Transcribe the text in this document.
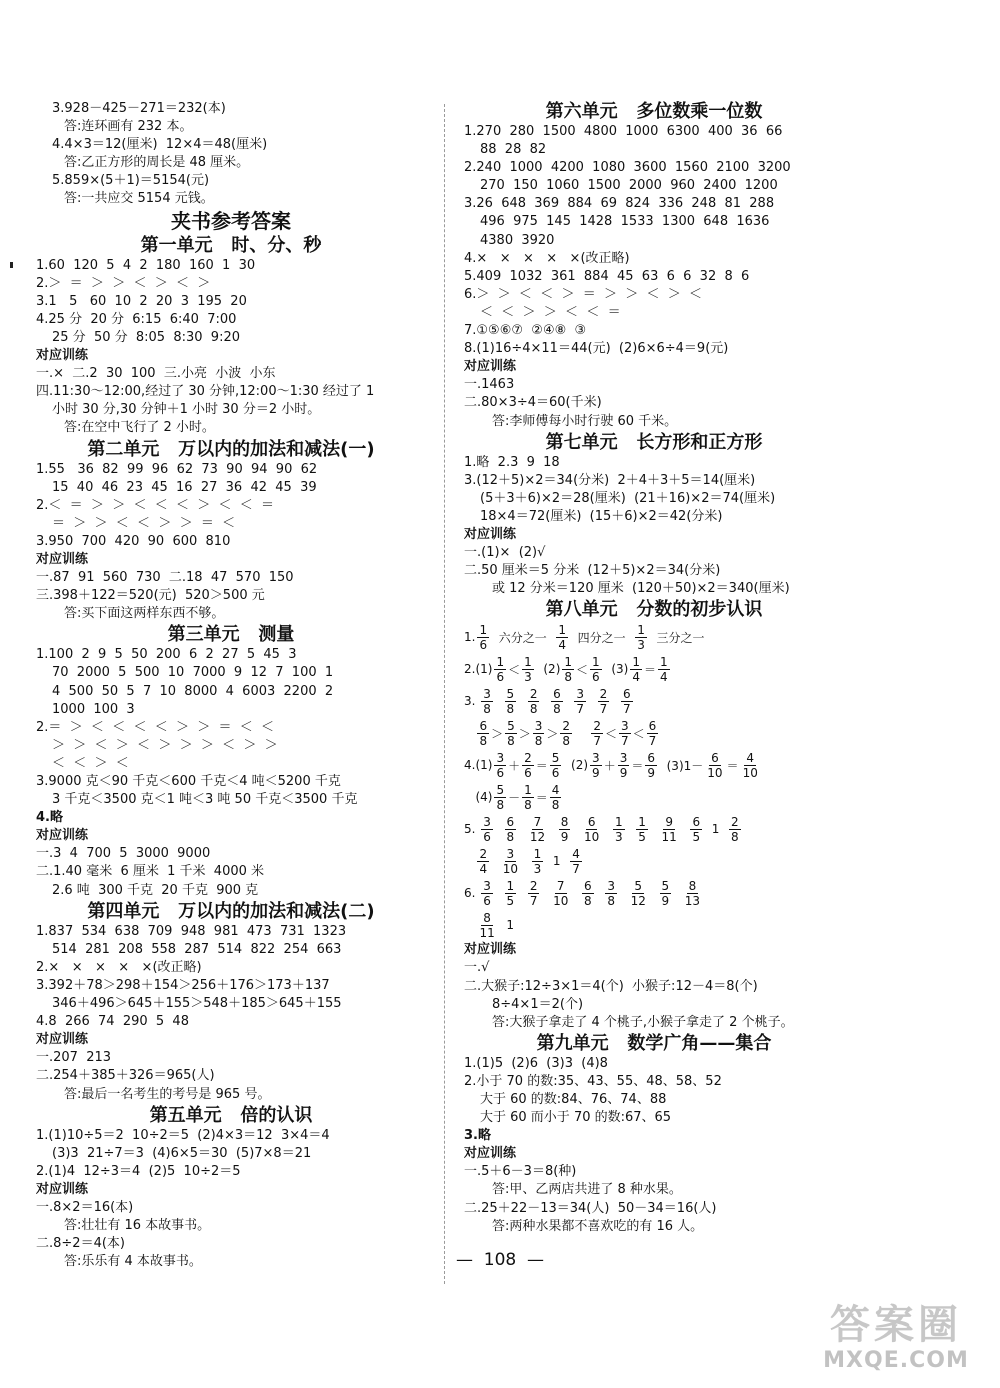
3.928－425－271＝232(本)
答:连环画有 232 本。
4.4×3＝12(厘米)  12×4＝48(厘米)
答:乙正方形的周长是 48 厘米。
5.859×(5＋1)＝5154(元)
答:一共应交 5154 元钱。
夹书参考答案
第一单元   时、分、秒
1.60  120  5  4  2  180  160  1  30
2.＞  ＝  ＞  ＞  ＜  ＞  ＜  ＞
3.1   5   60  10  2  20  3  195  20
4.25 分  20 分  6:15  6:40  7:00
25 分  50 分  8:05  8:30  9:20
对应训练
一.×  二.2  30  100  三.小亮  小波  小东
四.11:30～12:00,经过了 30 分钟,12:00～1:30 经过了 1
小时 30 分,30 分钟＋1 小时 30 分＝2 小时。
答:在空中飞行了 2 小时。
第二单元   万以内的加法和减法(一)
1.55   36  82  99  96  62  73  90  94  90  62
15  40  46  23  45  16  27  36  42  45  39
2.＜  ＝  ＞  ＞  ＜  ＜  ＜  ＞  ＜  ＜  ＝
＝  ＞  ＞  ＜  ＜  ＞  ＞  ＝  ＜
3.950  700  420  90  600  810
对应训练
一.87  91  560  730  二.18  47  570  150
三.398＋122＝520(元)  520＞500 元
答:买下面这两样东西不够。
第三单元   测量
1.100  2  9  5  50  200  6  2  27  5  45  3
70  2000  5  500  10  7000  9  12  7  100  1
4  500  50  5  7  10  8000  4  6003  2200  2
1000  100  3
2.＝  ＞  ＜  ＜  ＜  ＜  ＞  ＞  ＝  ＜  ＜
＞  ＞  ＜  ＞  ＜  ＞  ＞  ＞  ＜  ＞  ＞
＜  ＜  ＞  ＜
3.9000 克＜90 千克＜600 千克＜4 吨＜5200 千克
3 千克＜3500 克＜1 吨＜3 吨 50 千克＜3500 千克
4.略
对应训练
一.3  4  700  5  3000  9000
二.1.40 毫米  6 厘米  1 千米  4000 米
2.6 吨  300 千克  20 千克  900 克
第四单元   万以内的加法和减法(二)
1.837  534  638  709  948  981  473  731  1323
514  281  208  558  287  514  822  254  663
2.×   ×   ×   ×   ×(改正略)
3.392＋78＞298＋154＞256＋176＞173＋137
346＋496＞645＋155＞548＋185＞645＋155
4.8  266  74  290  5  48
对应训练
一.207  213
二.254＋385＋326＝965(人)
答:最后一名考生的考号是 965 号。
第五单元   倍的认识
1.(1)10÷5＝2  10÷2＝5  (2)4×3＝12  3×4＝4
(3)3  21÷7＝3  (4)6×5＝30  (5)7×8＝21
2.(1)4  12÷3＝4  (2)5  10÷2＝5
对应训练
一.8×2＝16(本)
答:壮壮有 16 本故事书。
二.8÷2＝4(本)
答:乐乐有 4 本故事书。
第六单元   多位数乘一位数
1.270  280  1500  4800  1000  6300  400  36  66
88  28  82
2.240  1000  4200  1080  3600  1560  2100  3200
270  150  1060  1500  2000  960  2400  1200
3.26  648  369  884  69  824  336  248  81  288
496  975  145  1428  1533  1300  648  1636
4380  3920
4.×   ×   ×   ×   ×(改正略)
5.409  1032  361  884  45  63  6  6  32  8  6
6.＞  ＞  ＜  ＜  ＞  ＝  ＞  ＞  ＜  ＞  ＜
＜  ＜  ＞  ＞  ＜  ＜  ＝
7.①⑤⑥⑦  ②④⑧  ③
8.(1)16÷4×11＝44(元)  (2)6×6÷4＝9(元)
对应训练
一.1463
二.80×3÷4＝60(千米)
答:李师傅每小时行驶 60 千米。
第七单元   长方形和正方形
1.略  2.3  9  18
3.(12＋5)×2＝34(分米)  2＋4＋3＋5＝14(厘米)
(5＋3＋6)×2＝28(厘米)  (21＋16)×2＝74(厘米)
18×4＝72(厘米)  (15＋6)×2＝42(分米)
对应训练
一.(1)×  (2)√
二.50 厘米＝5 分米  (12＋5)×2＝34(分米)
或 12 分米＝120 厘米  (120＋50)×2＝340(厘米)
第八单元   分数的初步认识
1. $\frac{1}{6}$ 六分之一 $\frac{1}{4}$ 四分之一 $\frac{1}{3}$ 三分之一
$2.(1) \frac{1}{6} < \frac{1}{3} (2) \frac{1}{8} < \frac{1}{6} (3) \frac{1}{4} = \frac{1}{4}$
3. $\frac{3}{8}$
$\frac{5}{8}$
$\frac{2}{8}$
$\frac{6}{8}$
$\frac{3}{7}$
$\frac{2}{7}$
$\frac{6}{7}$

$\frac{6}{8} > \frac{5}{8} > \frac{3}{8} > \frac{2}{8}$
$\frac{2}{7} < \frac{3}{7} < \frac{6}{7}$
$4.(1) \frac{3}{6} + \frac{2}{6} = \frac{5}{6} (2) \frac{3}{9} + \frac{3}{9} = \frac{6}{9} (3)1- \frac{6}{10} = \frac{4}{10}$
$(4) \frac{5}{8} - \frac{1}{8} = \frac{4}{8}$
5. $\frac{3}{6}$
$\frac{6}{8}$
$\frac{7}{12}$
$\frac{8}{9}$
$\frac{6}{10}$
$\frac{1}{3}$
$\frac{1}{5}$
$\frac{9}{11}$
$\frac{6}{5} 1 \frac{2}{8}$

$\frac{2}{4}$
$\frac{3}{10}$
$\frac{1}{3} 1 \frac{4}{7}$
6. $\frac{3}{6}$
$\frac{1}{5}$
$\frac{2}{7}$
$\frac{7}{10}$
$\frac{6}{8}$
$\frac{3}{8}$
$\frac{5}{12}$
$\frac{5}{9}$
$\frac{8}{13}$

$\frac{8}{11} 1$
对应训练
一.√
二.大猴子:12÷3×1＝4(个)  小猴子:12－4＝8(个)
8÷4×1＝2(个)
答:大猴子拿走了 4 个桃子,小猴子拿走了 2 个桃子。
第九单元   数学广角——集合
1.(1)5  (2)6  (3)3  (4)8
2.小于 70 的数:35、43、55、48、58、52
大于 60 的数:84、76、74、88
大于 60 而小于 70 的数:67、65
3.略
对应训练
一.5＋6－3＝8(种)
答:甲、乙两店共进了 8 种水果。
二.25＋22－13＝34(人)  50－34＝16(人)
答:两种水果都不喜欢吃的有 16 人。
—  108  —
答案圈
MXQE.COM
